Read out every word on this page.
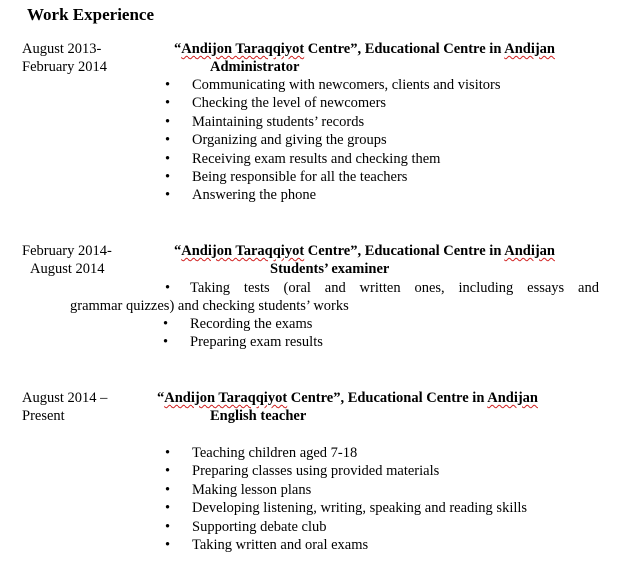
Work Experience
August 2013-
February 2014
“Andijon Taraqqiyot Centre”, Educational Centre in Andijan
Administrator
• Communicating with newcomers, clients and visitors
• Checking the level of newcomers
• Maintaining students’ records
• Organizing and giving the groups
• Receiving exam results and checking them
• Being responsible for all the teachers
• Answering the phone
February 2014-
August 2014
“Andijon Taraqqiyot Centre”, Educational Centre in Andijan
Students’ examiner
• Taking tests (oral and written ones, including essays and
grammar quizzes) and checking students’ works
• Recording the exams
• Preparing exam results
August 2014 –
Present
“Andijon Taraqqiyot Centre”, Educational Centre in Andijan
English teacher
• Teaching children aged 7-18
• Preparing classes using provided materials
• Making lesson plans
• Developing listening, writing, speaking and reading skills
• Supporting debate club
• Taking written and oral exams
